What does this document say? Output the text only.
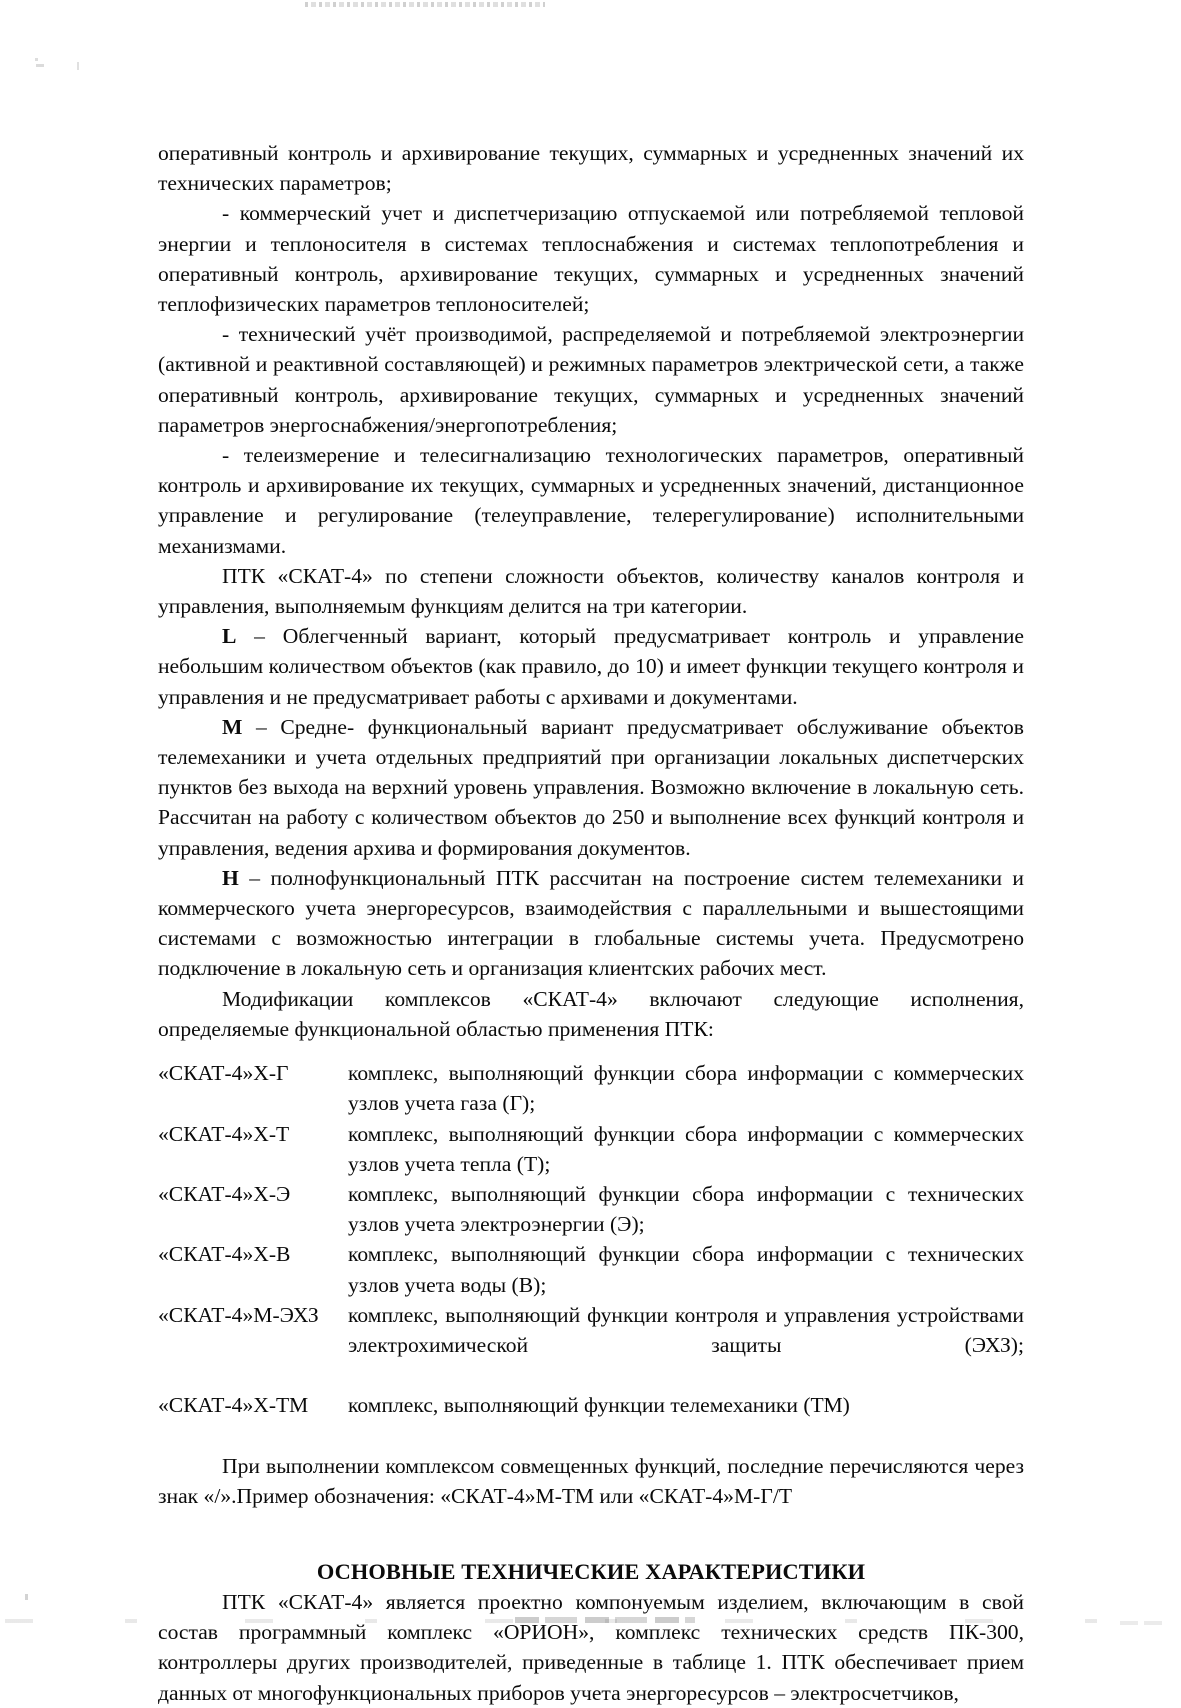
оперативный контроль и архивирование текущих, суммарных и усредненных значений их технических параметров;

- коммерческий учет и диспетчеризацию отпускаемой или потребляемой тепловой энергии и теплоносителя в системах теплоснабжения и системах теплопотребления и оперативный контроль, архивирование текущих, суммарных и усредненных значений теплофизических параметров теплоносителей;

- технический учёт производимой, распределяемой и потребляемой электроэнергии (активной и реактивной составляющей) и режимных параметров электрической сети, а также оперативный контроль, архивирование текущих, суммарных и усредненных значений параметров энергоснабжения/энергопотребления;

- телеизмерение и телесигнализацию технологических параметров, оперативный контроль и архивирование их текущих, суммарных и усредненных значений, дистанционное управление и регулирование (телеуправление, телерегулирование) исполнительными механизмами.

ПТК «СКАТ-4» по степени сложности объектов, количеству каналов контроля и управления, выполняемым функциям делится на три категории.

L – Облегченный вариант, который предусматривает контроль и управление небольшим количеством объектов (как правило, до 10) и имеет функции текущего контроля и управления и не предусматривает работы с архивами и документами.

M – Средне- функциональный вариант предусматривает обслуживание объектов телемеханики и учета отдельных предприятий при организации локальных диспетчерских пунктов без выхода на верхний уровень управления. Возможно включение в локальную сеть. Рассчитан на работу с количеством объектов до 250 и выполнение всех функций контроля и управления, ведения архива и формирования документов.

H – полнофункциональный ПТК рассчитан на построение систем телемеханики и коммерческого учета энергоресурсов, взаимодействия с параллельными и вышестоящими системами с возможностью интеграции в глобальные системы учета. Предусмотрено подключение в локальную сеть и организация клиентских рабочих мест.

Модификации комплексов «СКАТ-4» включают следующие исполнения, определяемые функциональной областью применения ПТК:

«СКАТ-4»Х-Г	комплекс, выполняющий функции сбора информации с коммерческих узлов учета газа (Г);
«СКАТ-4»Х-Т	комплекс, выполняющий функции сбора информации с коммерческих узлов учета тепла (Т);
«СКАТ-4»Х-Э	комплекс, выполняющий функции сбора информации с технических узлов учета электроэнергии (Э);
«СКАТ-4»Х-В	комплекс, выполняющий функции сбора информации с технических узлов учета воды (В);
«СКАТ-4»М-ЭХЗ	комплекс, выполняющий функции контроля и управления устройствами электрохимической защиты (ЭХЗ);
«СКАТ-4»Х-ТМ	комплекс, выполняющий функции телемеханики (ТМ)

При выполнении комплексом совмещенных функций, последние перечисляются через знак «/».Пример обозначения: «СКАТ-4»М-ТМ или «СКАТ-4»М-Г/Т

ОСНОВНЫЕ ТЕХНИЧЕСКИЕ ХАРАКТЕРИСТИКИ

ПТК «СКАТ-4» является проектно компонуемым изделием, включающим в свой состав программный комплекс «ОРИОН», комплекс технических средств ПК-300, контроллеры других производителей, приведенные в таблице 1. ПТК обеспечивает прием данных от многофункциональных приборов учета энергоресурсов – электросчетчиков,
